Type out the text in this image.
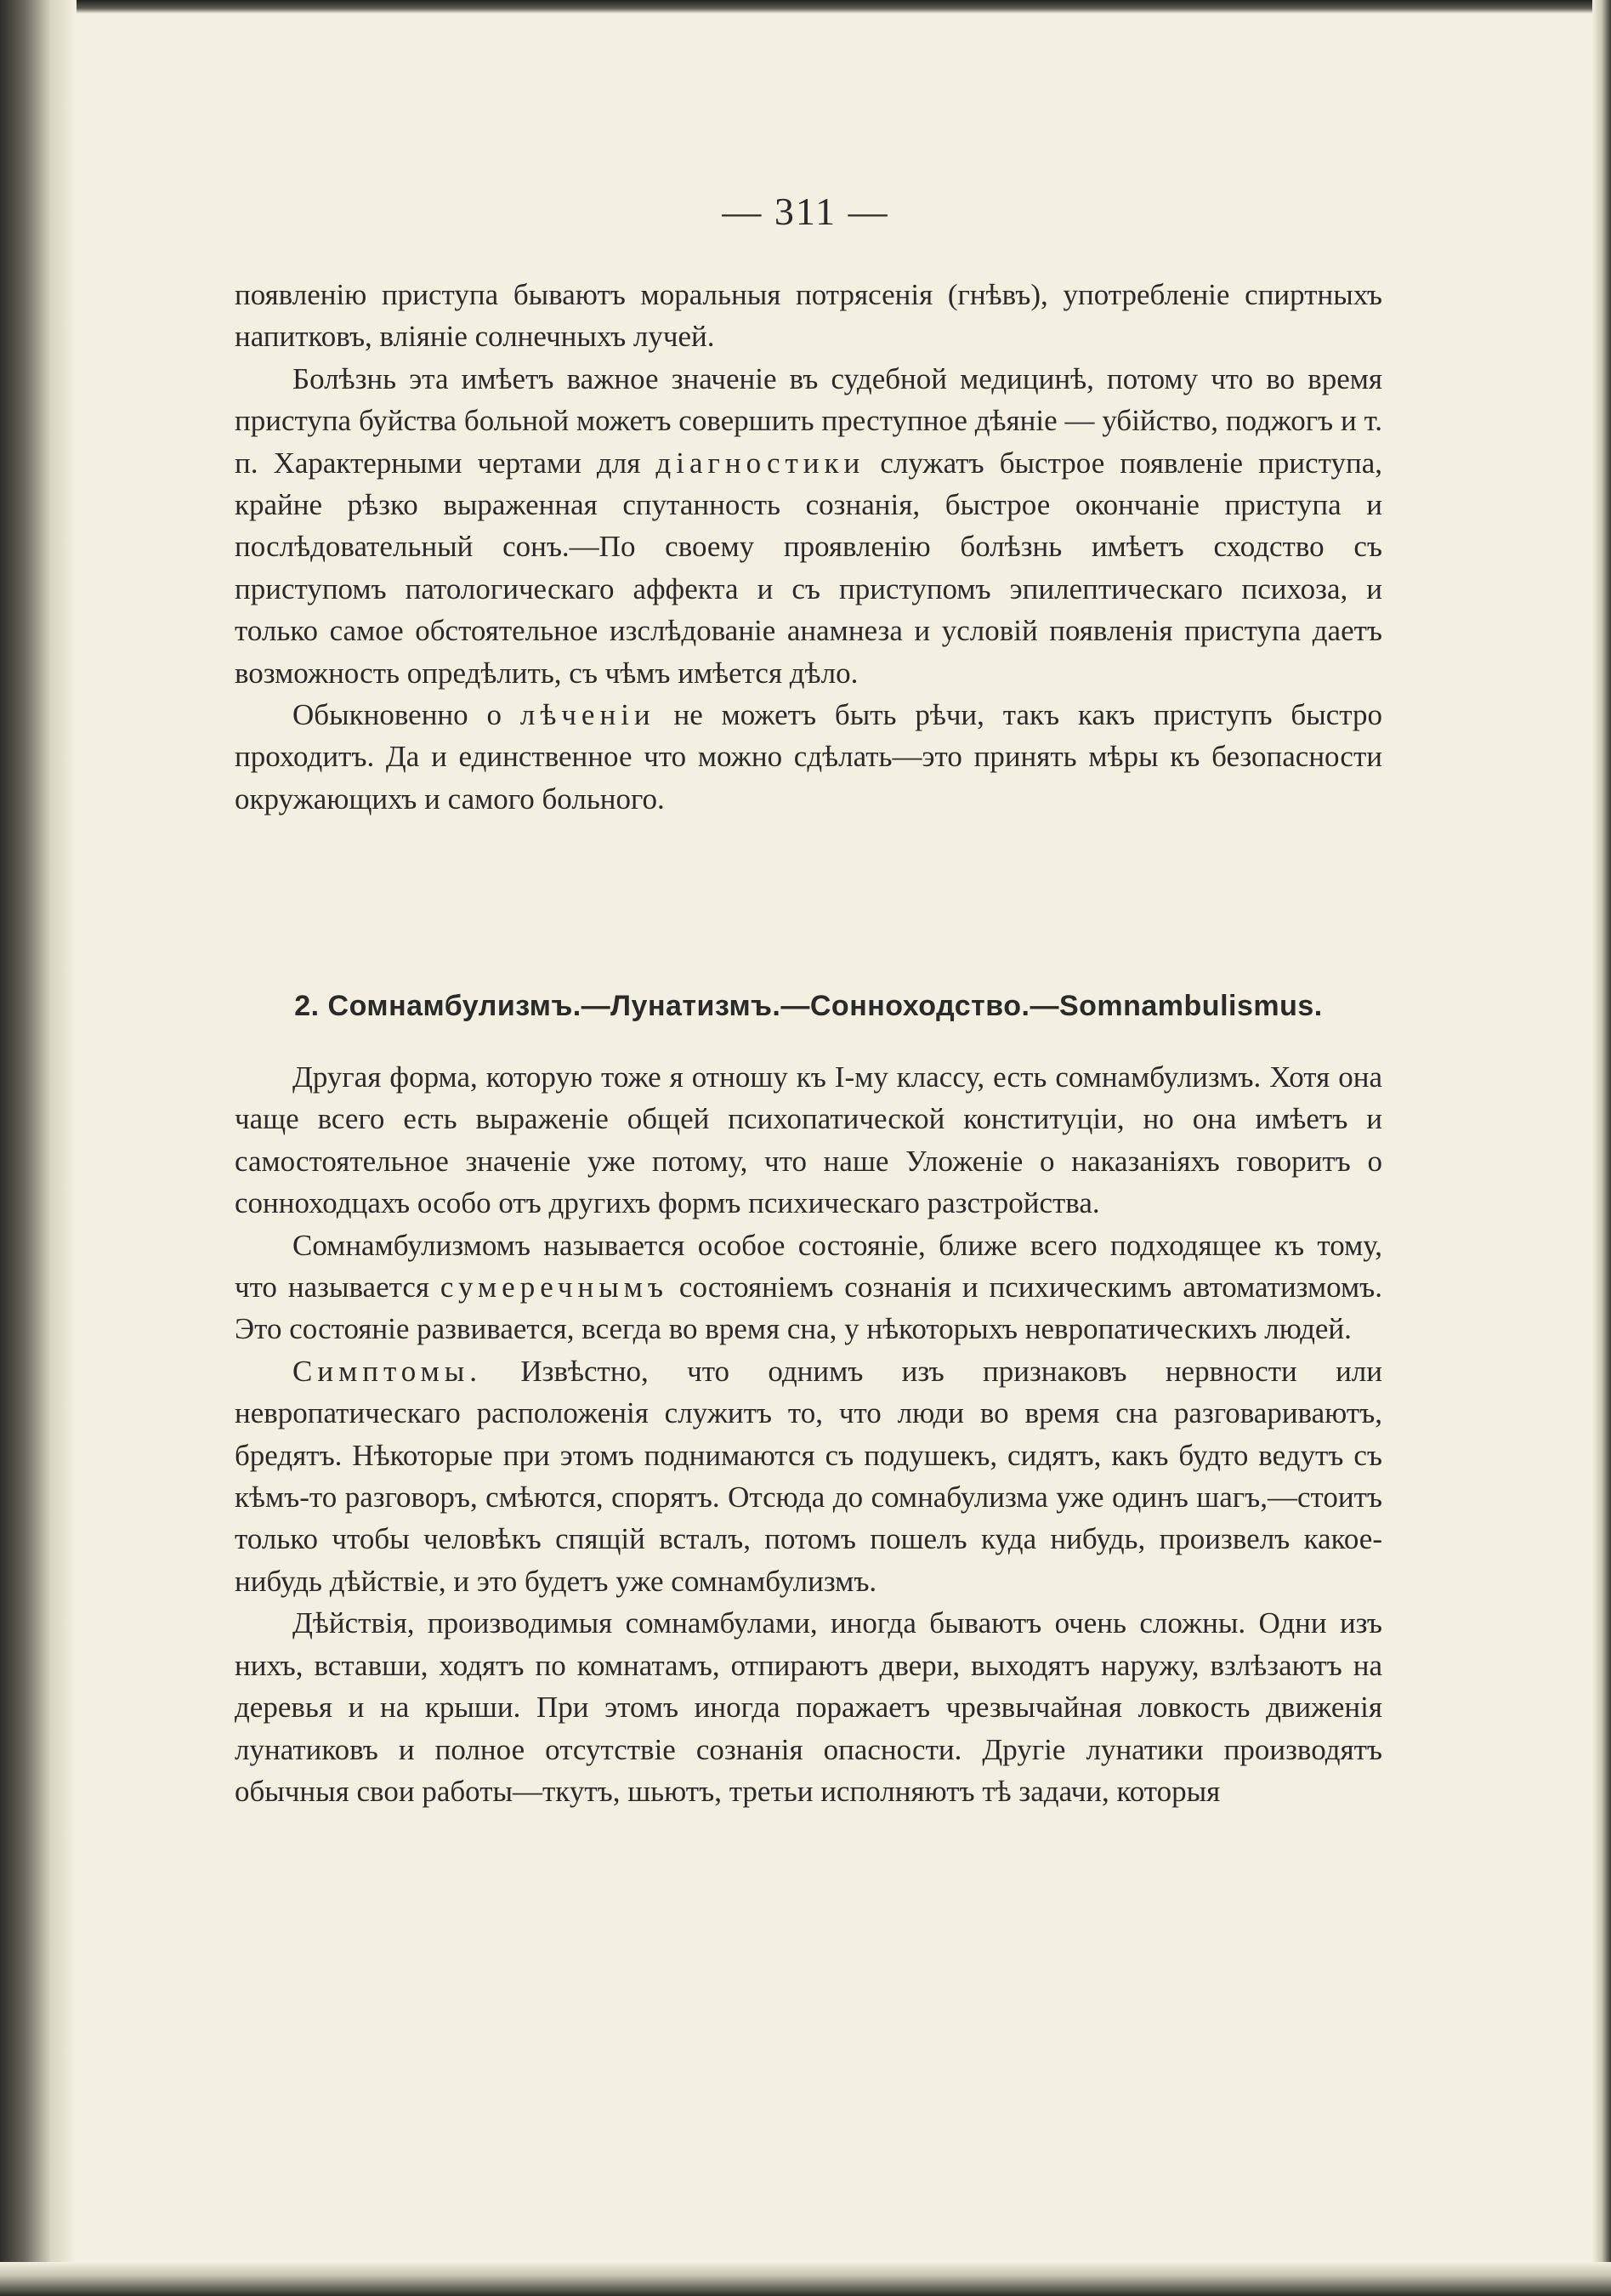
— 311 —

появленію приступа бываютъ моральныя потрясенія (гнѣвъ), употребленіе спиртныхъ напитковъ, вліяніе солнечныхъ лучей.

Болѣзнь эта имѣетъ важное значеніе въ судебной медицинѣ, потому что во время приступа буйства больной можетъ совершить преступное дѣяніе — убійство, поджогъ и т. п. Характерными чертами для діагностики служатъ быстрое появленіе приступа, крайне рѣзко выраженная спутанность сознанія, быстрое окончаніе приступа и послѣдовательный сонъ.—По своему проявленію болѣзнь имѣетъ сходство съ приступомъ патологическаго аффекта и съ приступомъ эпилептическаго психоза, и только самое обстоятельное изслѣдованіе анамнеза и условій появленія приступа даетъ возможность опредѣлить, съ чѣмъ имѣется дѣло.

Обыкновенно о лѣченіи не можетъ быть рѣчи, такъ какъ приступъ быстро проходитъ. Да и единственное что можно сдѣлать—это принять мѣры къ безопасности окружающихъ и самого больного.

2. Сомнамбулизмъ.—Лунатизмъ.—Сонноходство.—Somnambulismus.

Другая форма, которую тоже я отношу къ I-му классу, есть сомнамбулизмъ. Хотя она чаще всего есть выраженіе общей психопатической конституціи, но она имѣетъ и самостоятельное значеніе уже потому, что наше Уложеніе о наказаніяхъ говоритъ о сонноходцахъ особо отъ другихъ формъ психическаго разстройства.

Сомнамбулизмомъ называется особое состояніе, ближе всего подходящее къ тому, что называется сумеречнымъ состояніемъ сознанія и психическимъ автоматизмомъ. Это состояніе развивается, всегда во время сна, у нѣкоторыхъ невропатическихъ людей.

Симптомы. Извѣстно, что однимъ изъ признаковъ нервности или невропатическаго расположенія служитъ то, что люди во время сна разговариваютъ, бредятъ. Нѣкоторые при этомъ поднимаются съ подушекъ, сидятъ, какъ будто ведутъ съ кѣмъ-то разговоръ, смѣются, спорятъ. Отсюда до сомнабулизма уже одинъ шагъ,—стоитъ только чтобы человѣкъ спящій всталъ, потомъ пошелъ куда нибудь, произвелъ какое-нибудь дѣйствіе, и это будетъ уже сомнамбулизмъ.

Дѣйствія, производимыя сомнамбулами, иногда бываютъ очень сложны. Одни изъ нихъ, вставши, ходятъ по комнатамъ, отпираютъ двери, выходятъ наружу, взлѣзаютъ на деревья и на крыши. При этомъ иногда поражаетъ чрезвычайная ловкость движенія лунатиковъ и полное отсутствіе сознанія опасности. Другіе лунатики производятъ обычныя свои работы—ткутъ, шьютъ, третьи исполняютъ тѣ задачи, которыя
